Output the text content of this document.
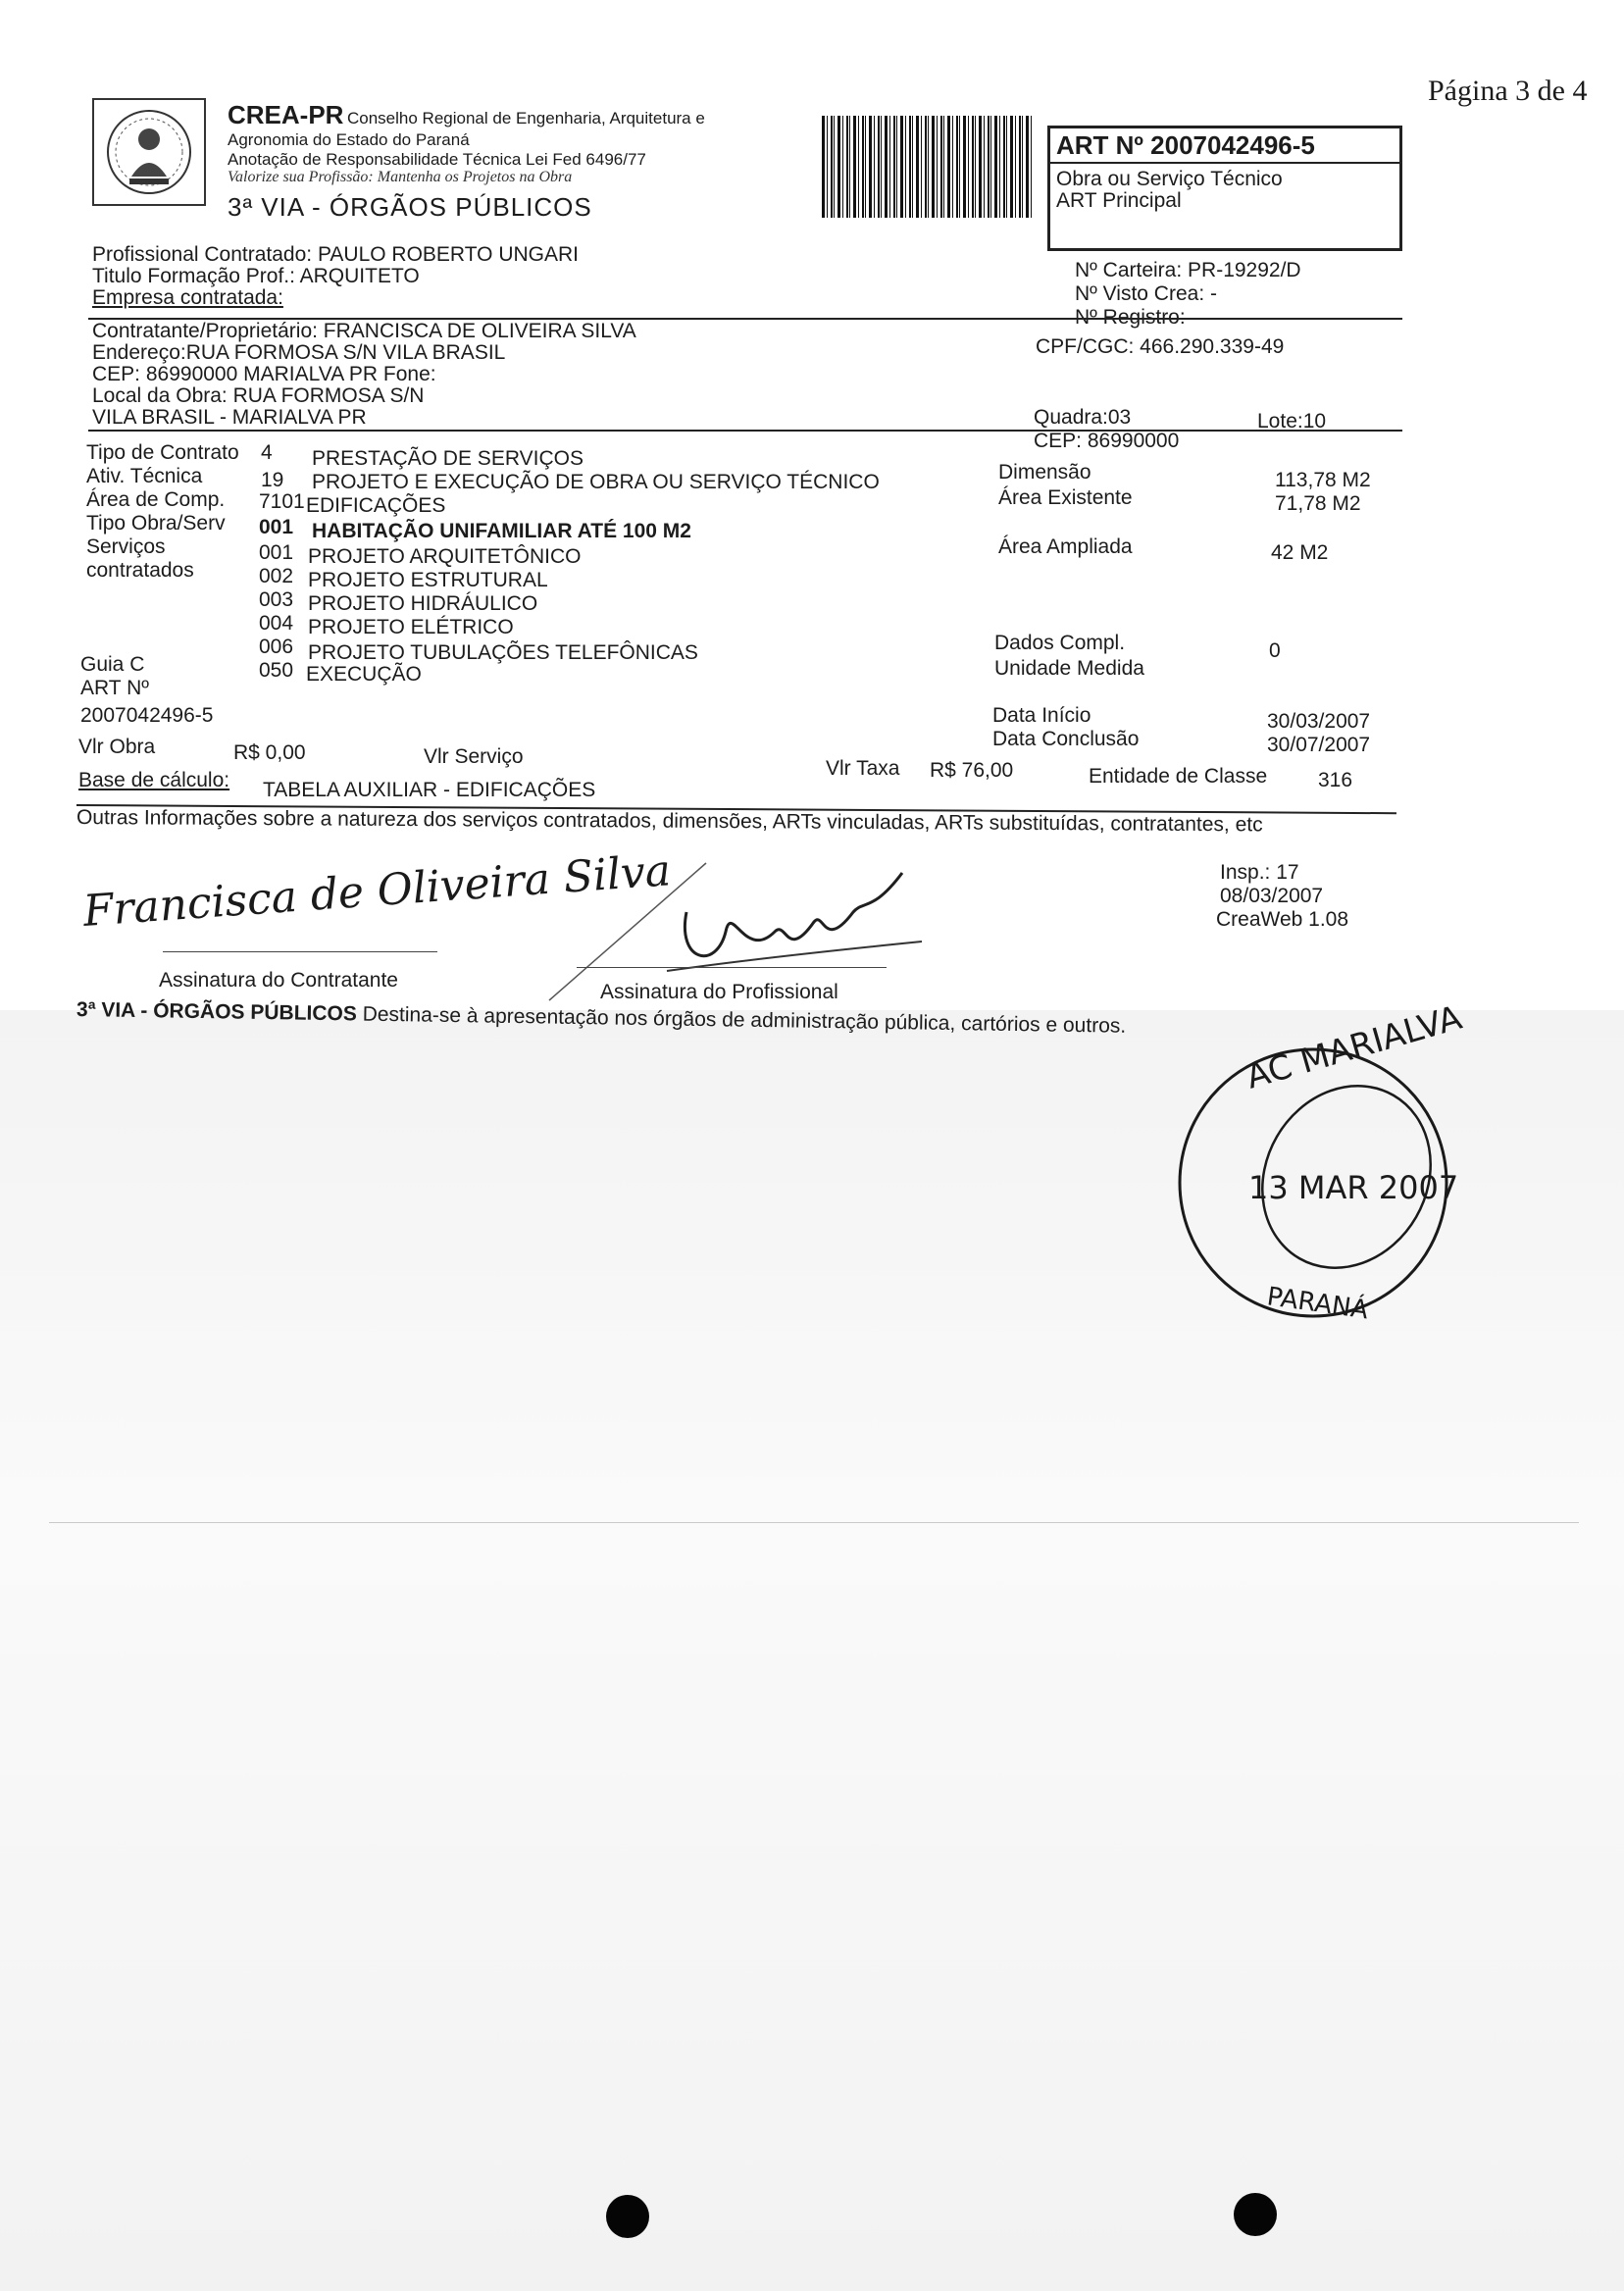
Página 3 de 4
CREA-PR Conselho Regional de Engenharia, Arquitetura e
Agronomia do Estado do Paraná
Anotação de Responsabilidade Técnica Lei Fed 6496/77
Valorize sua Profissão: Mantenha os Projetos na Obra
3ª VIA - ÓRGÃOS PÚBLICOS
ART Nº 2007042496-5
Obra ou Serviço Técnico
ART Principal
Profissional Contratado: PAULO ROBERTO UNGARI
Titulo Formação Prof.: ARQUITETO
Empresa contratada:
Nº Carteira: PR-19292/D
Nº Visto Crea: -
Nº Registro:
Contratante/Proprietário: FRANCISCA DE OLIVEIRA SILVA
Endereço:RUA FORMOSA S/N VILA BRASIL
CEP: 86990000 MARIALVA PR Fone:
CPF/CGC: 466.290.339-49
Local da Obra: RUA FORMOSA S/N
VILA BRASIL - MARIALVA PR	Quadra:03	Lote:10
CEP: 86990000
Tipo de Contrato 4 PRESTAÇÃO DE SERVIÇOS
Ativ. Técnica	19 PROJETO E EXECUÇÃO DE OBRA OU SERVIÇO TÉCNICO
Área de Comp. 7101 EDIFICAÇÕES
Tipo Obra/Serv 001 HABITAÇÃO UNIFAMILIAR ATÉ 100 M2
Serviços
contratados
001 PROJETO ARQUITETÔNICO
002 PROJETO ESTRUTURAL
003 PROJETO HIDRÁULICO
004 PROJETO ELÉTRICO
006 PROJETO TUBULAÇÕES TELEFÔNICAS
050 EXECUÇÃO
Dimensão	113,78 M2
Área Existente	71,78 M2
Área Ampliada	42 M2
Dados Compl.	0
Unidade Medida
Guia C
ART Nº
2007042496-5	Data Início	30/03/2007
Data Conclusão	30/07/2007
Vlr Obra	R$ 0,00	Vlr Serviço
Vlr Taxa R$ 76,00	Entidade de Classe 316
Base de cálculo: TABELA AUXILIAR - EDIFICAÇÕES
Outras Informações sobre a natureza dos serviços contratados, dimensões, ARTs vinculadas, ARTs substituídas, contratantes, etc
Insp.: 17
08/03/2007
CreaWeb 1.08
Francisca de Oliveira Silva
Assinatura do Contratante
Assinatura do Profissional
3ª VIA - ÓRGÃOS PÚBLICOS Destina-se à apresentação nos órgãos de administração pública, cartórios e outros.	AC MARIALVA
13 MAR 2007
PARANÁ
